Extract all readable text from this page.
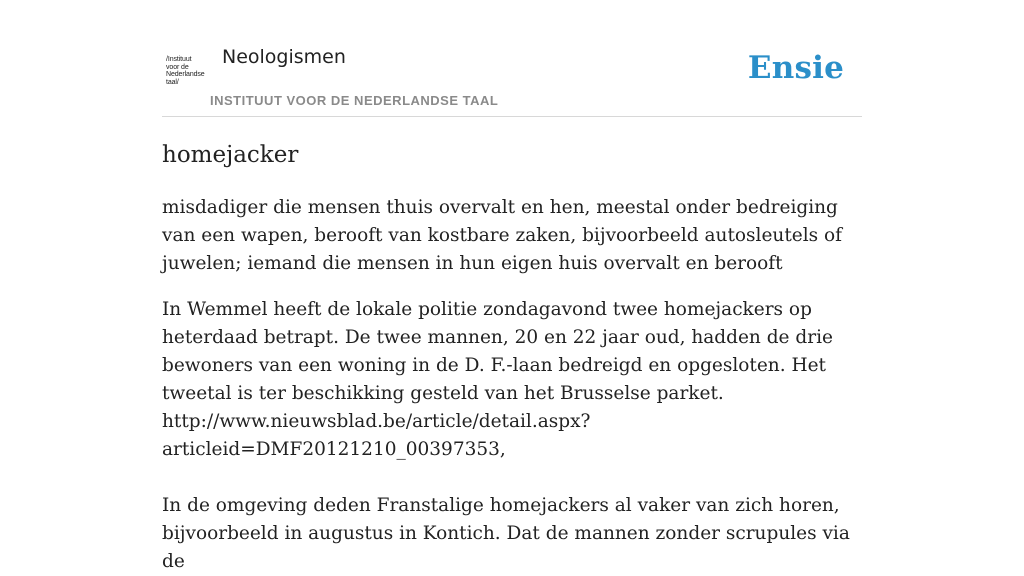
/Instituut
voor de
Nederlandse
taal/
Neologismen
INSTITUUT VOOR DE NEDERLANDSE TAAL
Ensie
homejacker

misdadiger die mensen thuis overvalt en hen, meestal onder bedreiging van een wapen, berooft van kostbare zaken, bijvoorbeeld autosleutels of juwelen; iemand die mensen in hun eigen huis overvalt en berooft

In Wemmel heeft de lokale politie zondagavond twee homejackers op heterdaad betrapt. De twee mannen, 20 en 22 jaar oud, hadden de drie bewoners van een woning in de D. F.-laan bedreigd en opgesloten. Het tweetal is ter beschikking gesteld van het Brusselse parket.
http://www.nieuwsblad.be/article/detail.aspx?articleid=DMF20121210_00397353,
In de omgeving deden Franstalige homejackers al vaker van zich horen, bijvoorbeeld in augustus in Kontich. Dat de mannen zonder scrupules via de
